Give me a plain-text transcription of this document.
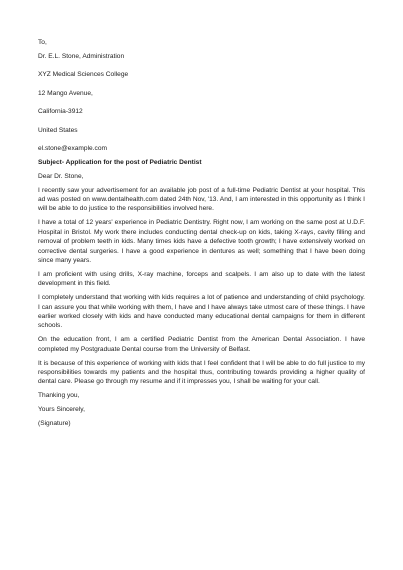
To,
Dr. E.L. Stone, Administration
XYZ Medical Sciences College
12 Mango Avenue,
California-3912
United States
el.stone@example.com
Subject- Application for the post of Pediatric Dentist
Dear Dr. Stone,

I recently saw your advertisement for an available job post of a full-time Pediatric Dentist at your hospital. This ad was posted on www.dentalhealth.com dated 24th Nov, '13. And, I am interested in this opportunity as I think I will be able to do justice to the responsibilities involved here.

I have a total of 12 years' experience in Pediatric Dentistry. Right now, I am working on the same post at U.D.F. Hospital in Bristol. My work there includes conducting dental check-up on kids, taking X-rays, cavity filling and removal of problem teeth in kids. Many times kids have a defective tooth growth; I have extensively worked on corrective dental surgeries. I have a good experience in dentures as well; something that I have been doing since many years.

I am proficient with using drills, X-ray machine, forceps and scalpels. I am also up to date with the latest development in this field.

I completely understand that working with kids requires a lot of patience and understanding of child psychology. I can assure you that while working with them, I have and I have always take utmost care of these things. I have earlier worked closely with kids and have conducted many educational dental campaigns for them in different schools.

On the education front, I am a certified Pediatric Dentist from the American Dental Association. I have completed my Postgraduate Dental course from the University of Belfast.

It is because of this experience of working with kids that I feel confident that I will be able to do full justice to my responsibilities towards my patients and the hospital thus, contributing towards providing a higher quality of dental care. Please go through my resume and if it impresses you, I shall be waiting for your call.

Thanking you,
Yours Sincerely,
(Signature)
